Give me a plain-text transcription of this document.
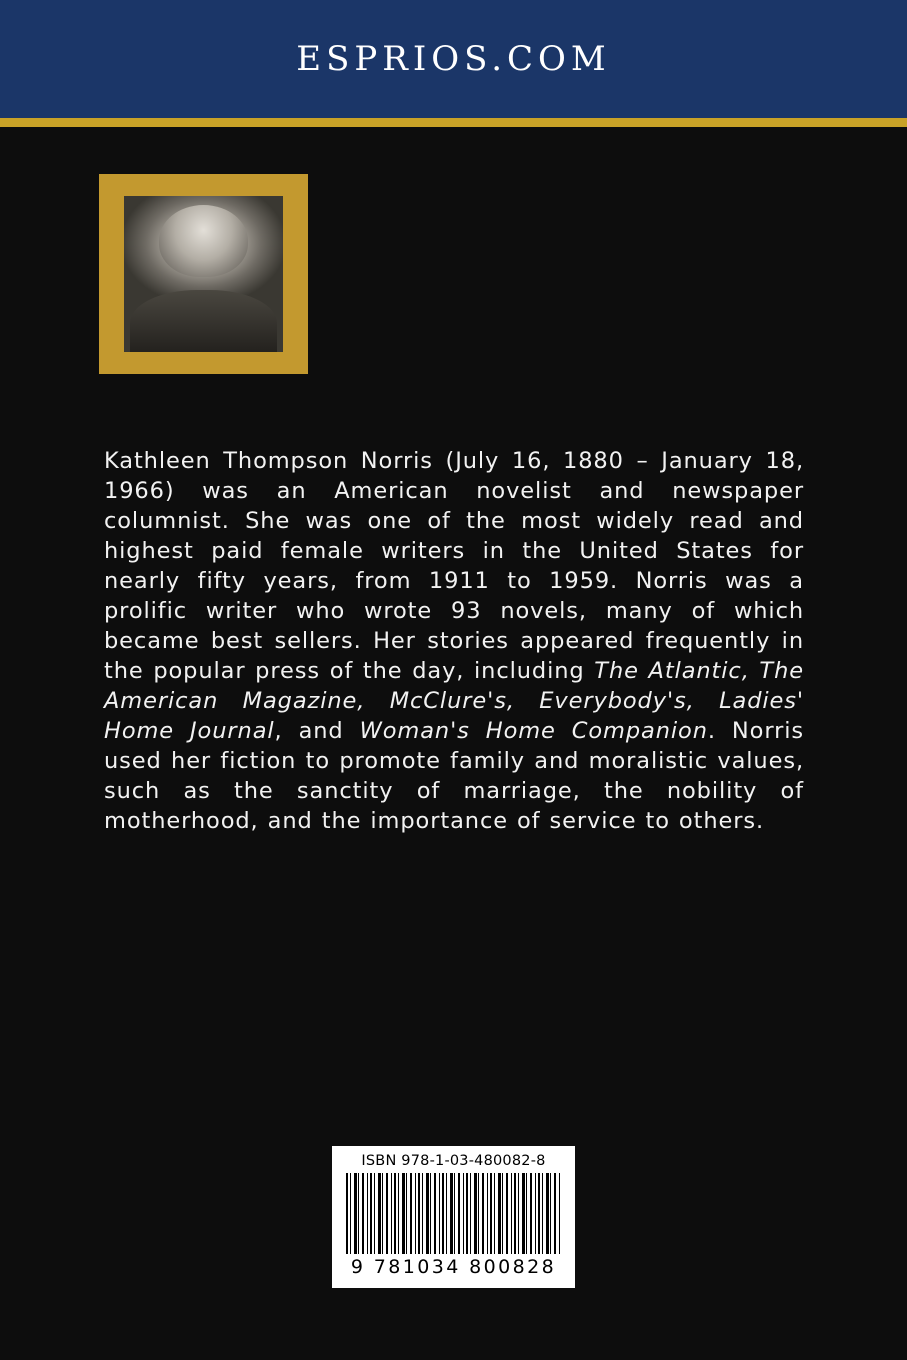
ESPRIOS.COM
Kathleen Thompson Norris (July 16, 1880 – January 18, 1966) was an American novelist and newspaper columnist. She was one of the most widely read and highest paid female writers in the United States for nearly fifty years, from 1911 to 1959. Norris was a prolific writer who wrote 93 novels, many of which became best sellers. Her stories appeared frequently in the popular press of the day, including The Atlantic, The American Magazine, McClure's, Everybody's, Ladies' Home Journal, and Woman's Home Companion. Norris used her fiction to promote family and moralistic values, such as the sanctity of marriage, the nobility of motherhood, and the importance of service to others.
ISBN 978-1-03-480082-8
9 781034 800828
